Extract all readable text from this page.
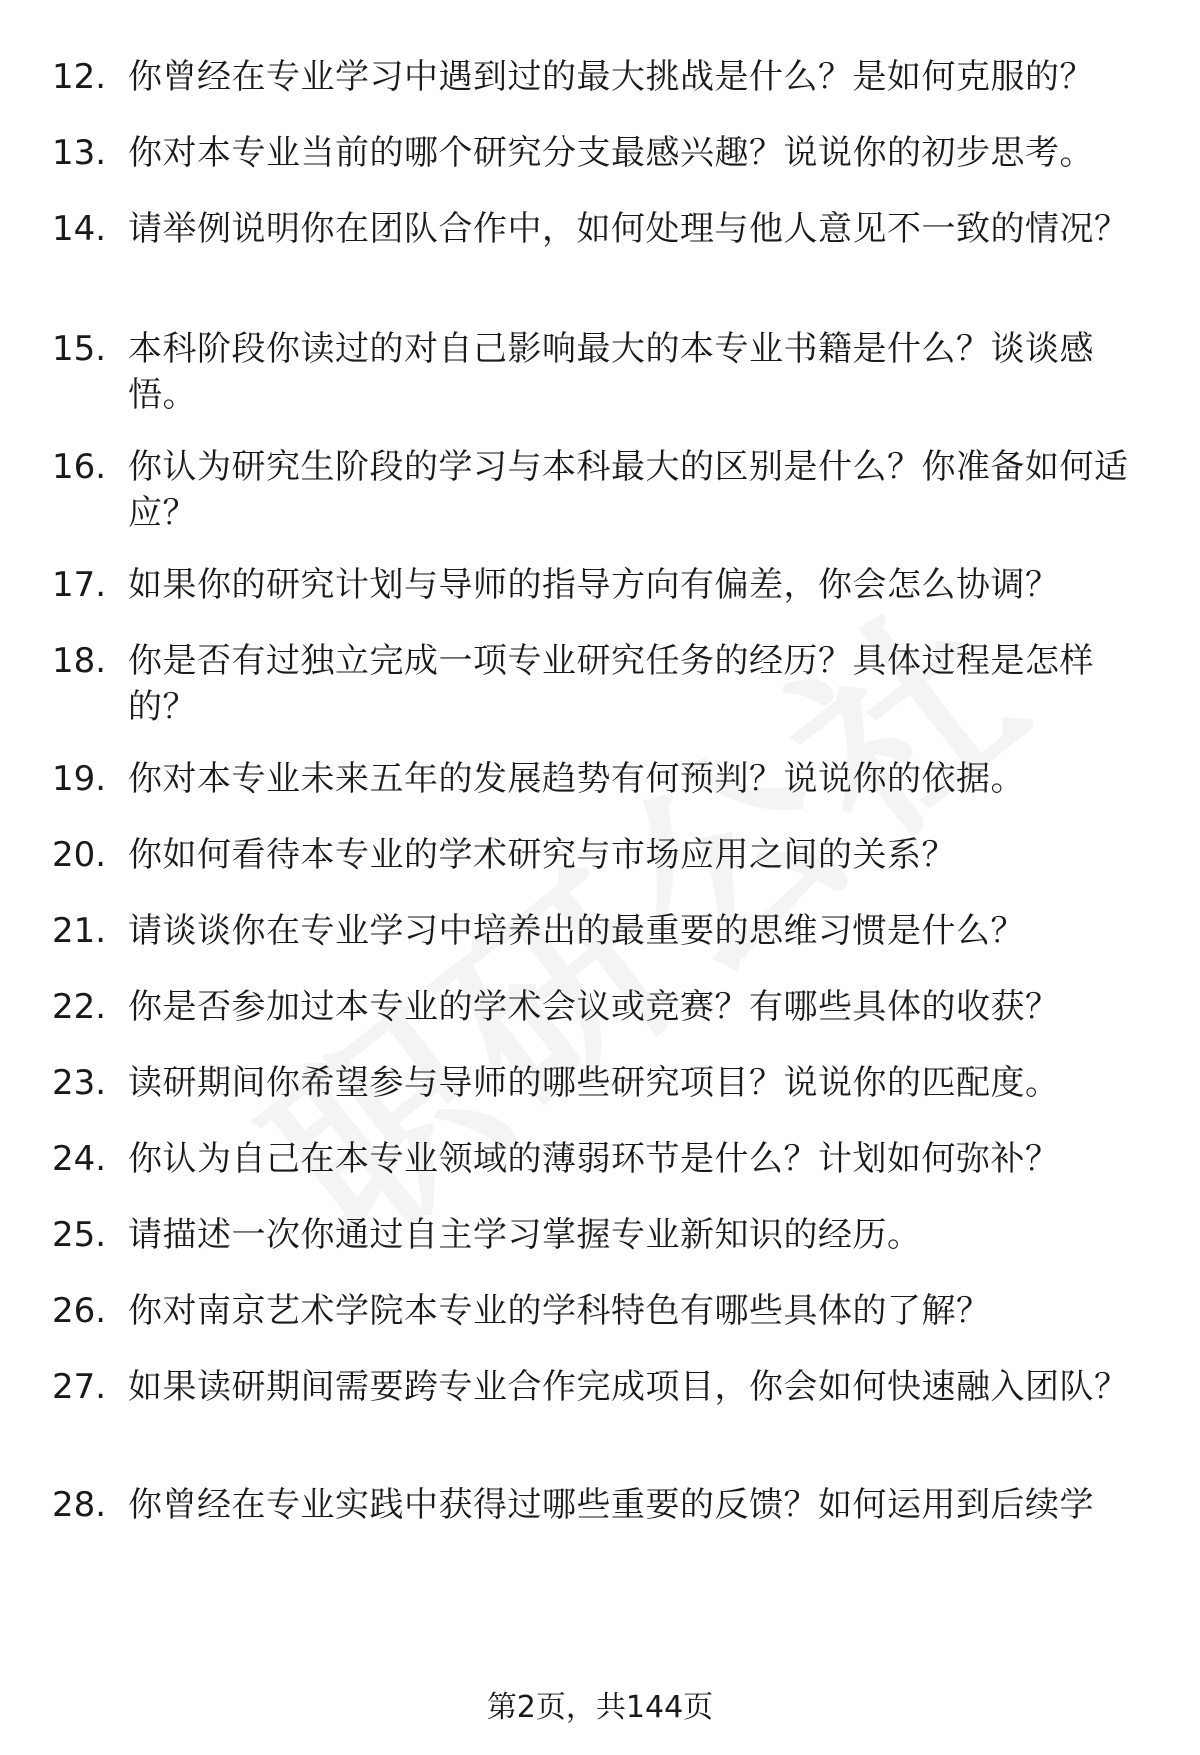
12. 你曾经在专业学习中遇到过的最大挑战是什么？是如何克服的？
13. 你对本专业当前的哪个研究分支最感兴趣？说说你的初步思考。
14. 请举例说明你在团队合作中，如何处理与他人意见不一致的情况？
15. 本科阶段你读过的对自己影响最大的本专业书籍是什么？谈谈感悟。
16. 你认为研究生阶段的学习与本科最大的区别是什么？你准备如何适应？
17. 如果你的研究计划与导师的指导方向有偏差，你会怎么协调？
18. 你是否有过独立完成一项专业研究任务的经历？具体过程是怎样的？
19. 你对本专业未来五年的发展趋势有何预判？说说你的依据。
20. 你如何看待本专业的学术研究与市场应用之间的关系？
21. 请谈谈你在专业学习中培养出的最重要的思维习惯是什么？
22. 你是否参加过本专业的学术会议或竞赛？有哪些具体的收获？
23. 读研期间你希望参与导师的哪些研究项目？说说你的匹配度。
24. 你认为自己在本专业领域的薄弱环节是什么？计划如何弥补？
25. 请描述一次你通过自主学习掌握专业新知识的经历。
26. 你对南京艺术学院本专业的学科特色有哪些具体的了解？
27. 如果读研期间需要跨专业合作完成项目，你会如何快速融入团队？
28. 你曾经在专业实践中获得过哪些重要的反馈？如何运用到后续学
第2页，共144页
